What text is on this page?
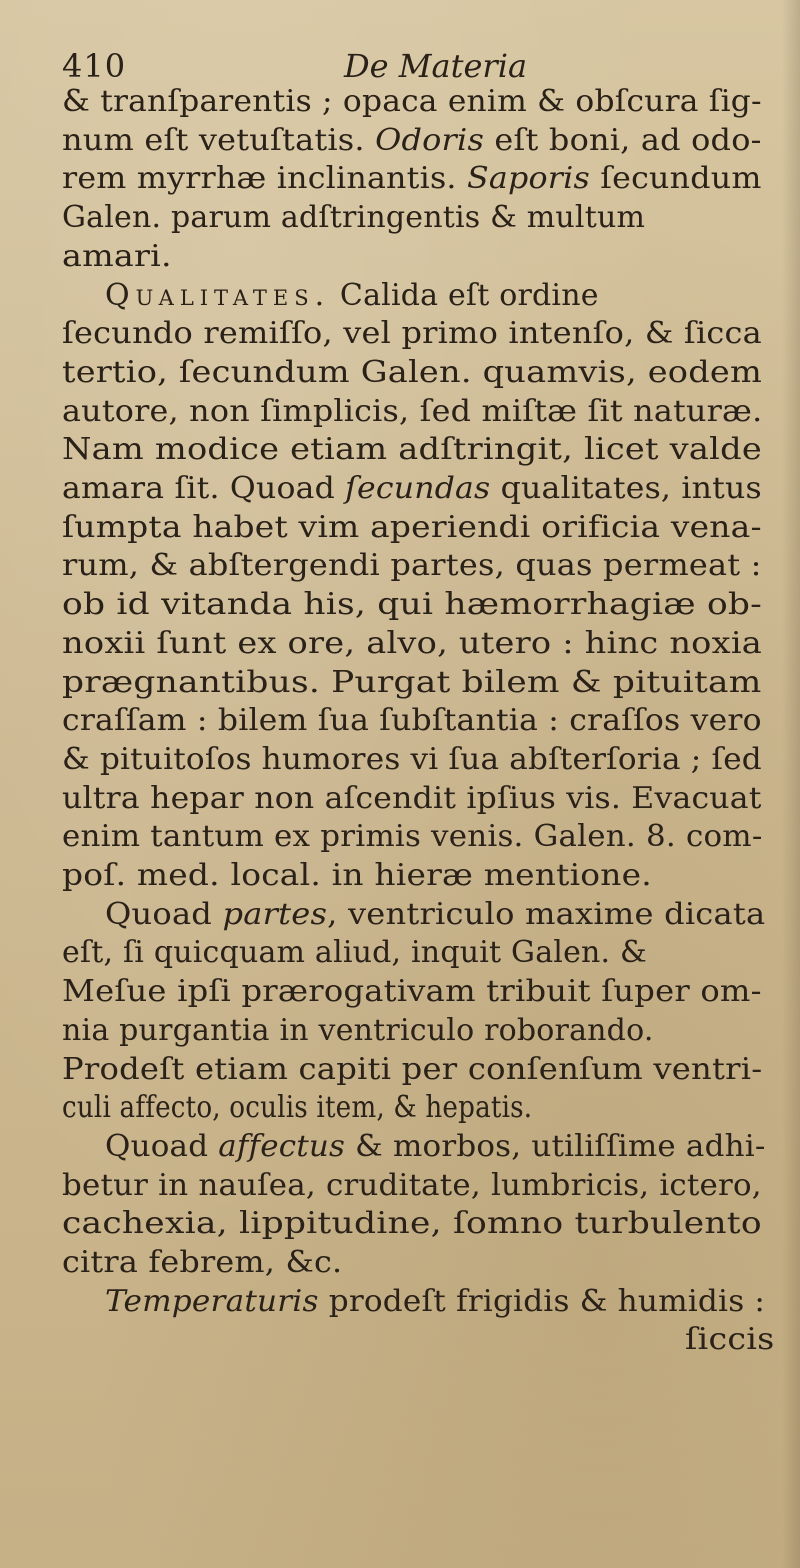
410	De Materia
& tranſparentis ; opaca enim & obſcura ſig-
num eſt vetuſtatis. Odoris eſt boni, ad odo-
rem myrrhæ inclinantis. Saporis ſecundum
Galen. parum adſtringentis & multum
amari.
Qualitates. Calida eſt ordine
ſecundo remiſſo, vel primo intenſo, & ſicca
tertio, ſecundum Galen. quamvis, eodem
autore, non ſimplicis, ſed miſtæ ſit naturæ.
Nam modice etiam adſtringit, licet valde
amara ſit. Quoad ſecundas qualitates, intus
ſumpta habet vim aperiendi orificia vena-
rum, & abſtergendi partes, quas permeat :
ob id vitanda his, qui hæmorrhagiæ ob-
noxii ſunt ex ore, alvo, utero : hinc noxia
prægnantibus. Purgat bilem & pituitam
craſſam : bilem ſua ſubſtantia : craſſos vero
& pituitoſos humores vi ſua abſterſoria ; ſed
ultra hepar non aſcendit ipſius vis. Evacuat
enim tantum ex primis venis. Galen. 8. com-
poſ. med. local. in hieræ mentione.
Quoad partes, ventriculo maxime dicata
eſt, ſi quicquam aliud, inquit Galen. &
Meſue ipſi prærogativam tribuit ſuper om-
nia purgantia in ventriculo roborando.
Prodeſt etiam capiti per conſenſum ventri-
culi affecto, oculis item, & hepatis.
Quoad affectus & morbos, utiliſſime adhi-
betur in nauſea, cruditate, lumbricis, ictero,
cachexia, lippitudine, ſomno turbulento
citra febrem, &c.
Temperaturis prodeſt frigidis & humidis :
ſiccis
